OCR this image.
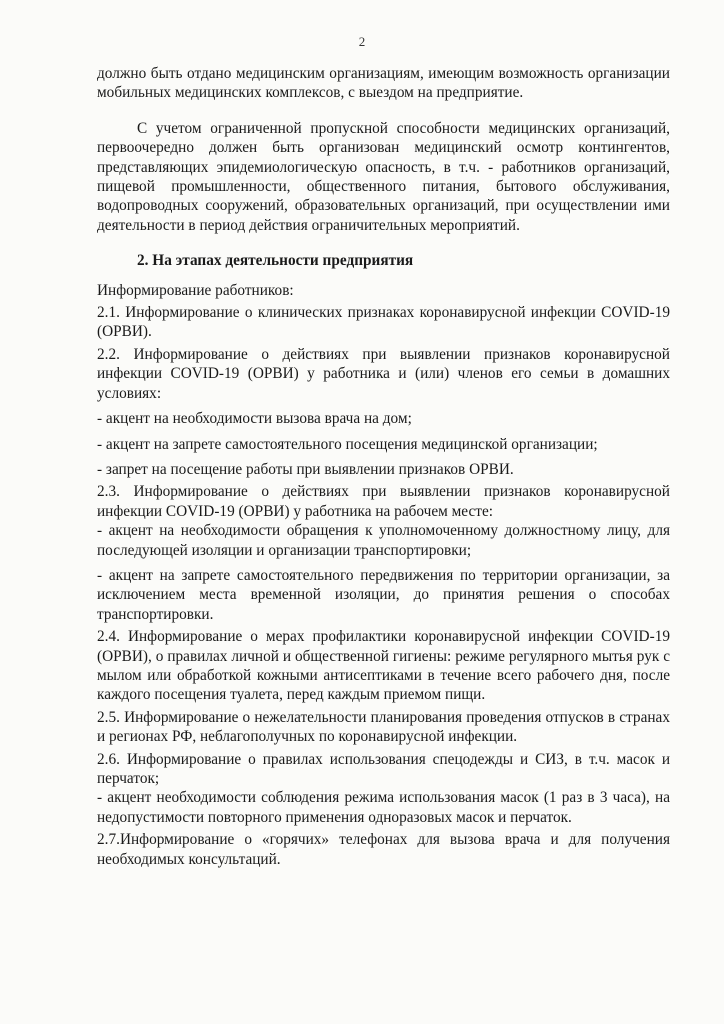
2

должно быть отдано медицинским организациям, имеющим возможность организации мобильных медицинских комплексов, с выездом на предприятие.

С учетом ограниченной пропускной способности медицинских организаций, первоочередно должен быть организован медицинский осмотр контингентов, представляющих эпидемиологическую опасность, в т.ч. - работников организаций, пищевой промышленности, общественного питания, бытового обслуживания, водопроводных сооружений, образовательных организаций, при осуществлении ими деятельности в период действия ограничительных мероприятий.

2. На этапах деятельности предприятия

Информирование работников:

2.1. Информирование о клинических признаках коронавирусной инфекции COVID-19 (ОРВИ).

2.2. Информирование о действиях при выявлении признаков коронавирусной инфекции COVID-19 (ОРВИ) у работника и (или) членов его семьи в домашних условиях:

- акцент на необходимости вызова врача на дом;

- акцент на запрете самостоятельного посещения медицинской организации;

- запрет на посещение работы при выявлении признаков ОРВИ.

2.3. Информирование о действиях при выявлении признаков коронавирусной инфекции COVID-19 (ОРВИ) у работника на рабочем месте:

- акцент на необходимости обращения к уполномоченному должностному лицу, для последующей изоляции и организации транспортировки;

- акцент на запрете самостоятельного передвижения по территории организации, за исключением места временной изоляции, до принятия решения о способах транспортировки.

2.4. Информирование о мерах профилактики коронавирусной инфекции COVID-19 (ОРВИ), о правилах личной и общественной гигиены: режиме регулярного мытья рук с мылом или обработкой кожными антисептиками в течение всего рабочего дня, после каждого посещения туалета, перед каждым приемом пищи.

2.5. Информирование о нежелательности планирования проведения отпусков в странах и регионах РФ, неблагополучных по коронавирусной инфекции.

2.6. Информирование о правилах использования спецодежды и СИЗ, в т.ч. масок и перчаток;

- акцент необходимости соблюдения режима использования масок (1 раз в 3 часа), на недопустимости повторного применения одноразовых масок и перчаток.

2.7.Информирование о «горячих» телефонах для вызова врача и для получения необходимых консультаций.
